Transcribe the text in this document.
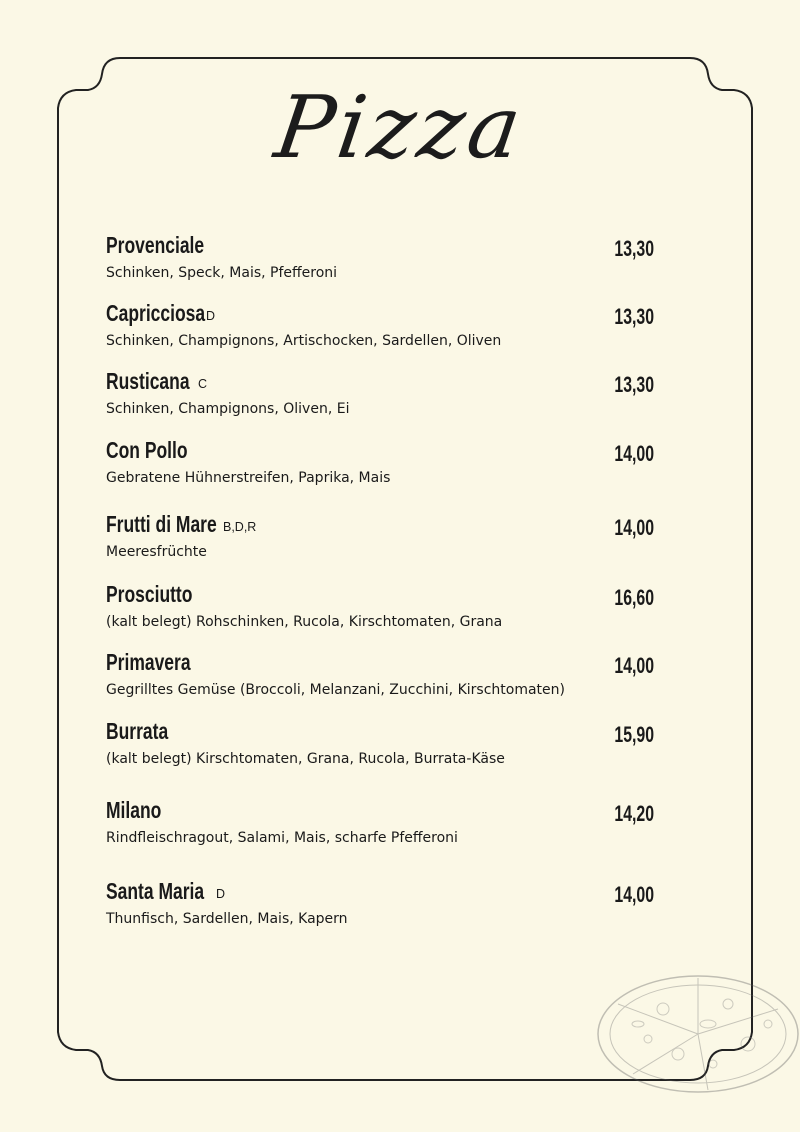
Pizza
Provenciale	13,30
Schinken, Speck, Mais, Pfefferoni
Capricciosa D	13,30
Schinken, Champignons, Artischocken, Sardellen, Oliven
Rusticana C	13,30
Schinken, Champignons, Oliven, Ei
Con Pollo	14,00
Gebratene Hühnerstreifen, Paprika, Mais
Frutti di Mare B,D,R	14,00
Meeresfrüchte
Prosciutto	16,60
(kalt belegt) Rohschinken, Rucola, Kirschtomaten, Grana
Primavera	14,00
Gegrilltes Gemüse (Broccoli, Melanzani, Zucchini, Kirschtomaten)
Burrata	15,90
(kalt belegt) Kirschtomaten, Grana, Rucola, Burrata-Käse
Milano	14,20
Rindfleischragout, Salami, Mais, scharfe Pfefferoni
Santa Maria D	14,00
Thunfisch, Sardellen, Mais, Kapern
